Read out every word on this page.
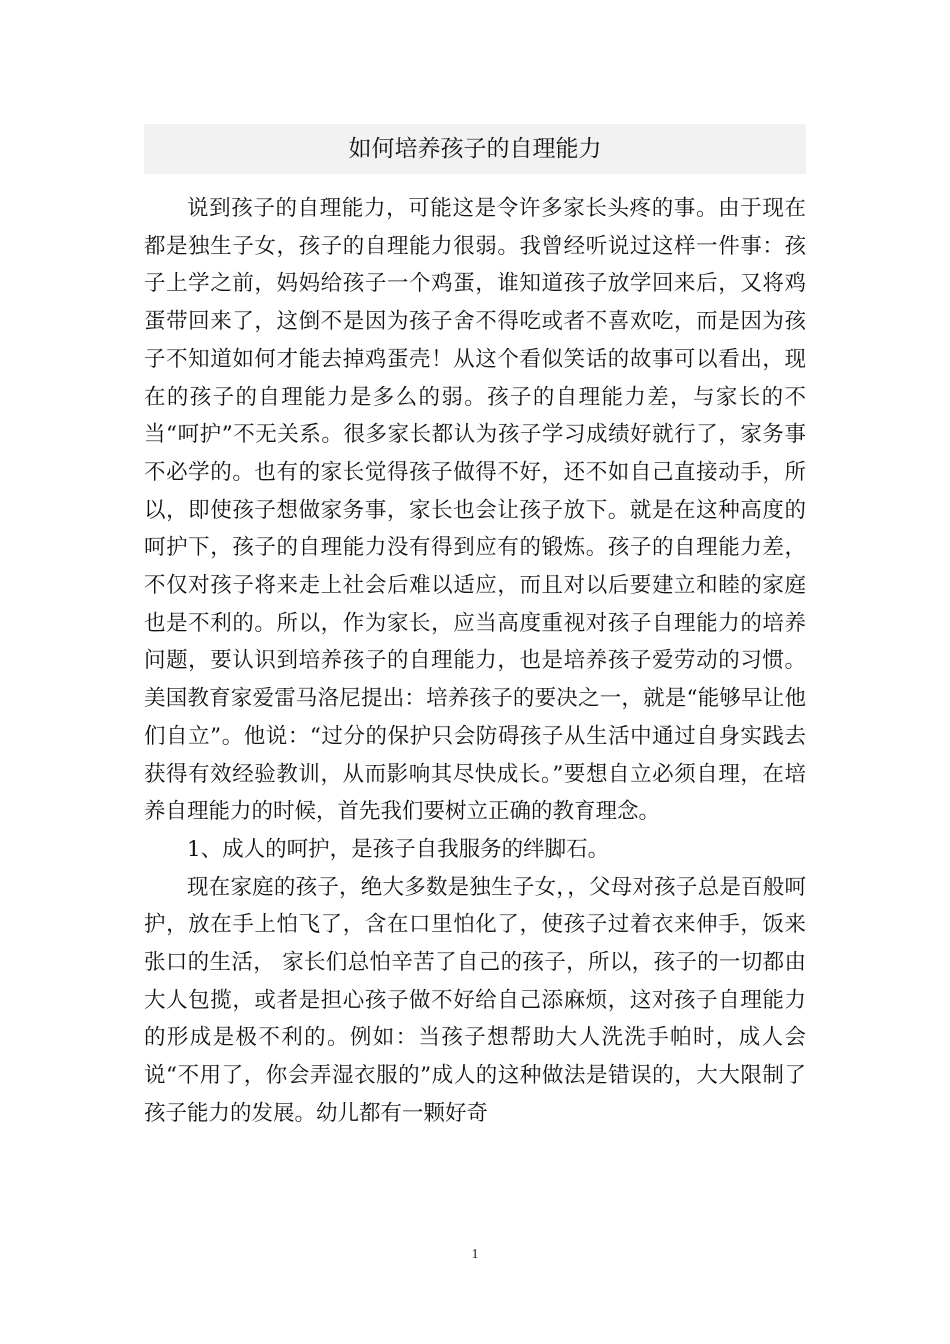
如何培养孩子的自理能力

说到孩子的自理能力，可能这是令许多家长头疼的事。由于现在都是独生子女，孩子的自理能力很弱。我曾经听说过这样一件事：孩子上学之前，妈妈给孩子一个鸡蛋，谁知道孩子放学回来后，又将鸡蛋带回来了，这倒不是因为孩子舍不得吃或者不喜欢吃，而是因为孩子不知道如何才能去掉鸡蛋壳！从这个看似笑话的故事可以看出，现在的孩子的自理能力是多么的弱。孩子的自理能力差，与家长的不当“呵护”不无关系。很多家长都认为孩子学习成绩好就行了，家务事不必学的。也有的家长觉得孩子做得不好，还不如自己直接动手，所以，即使孩子想做家务事，家长也会让孩子放下。就是在这种高度的呵护下，孩子的自理能力没有得到应有的锻炼。孩子的自理能力差，不仅对孩子将来走上社会后难以适应，而且对以后要建立和睦的家庭也是不利的。所以，作为家长，应当高度重视对孩子自理能力的培养问题，要认识到培养孩子的自理能力，也是培养孩子爱劳动的习惯。美国教育家爱雷马洛尼提出：培养孩子的要决之一，就是“能够早让他们自立”。他说：“过分的保护只会防碍孩子从生活中通过自身实践去获得有效经验教训，从而影响其尽快成长。”要想自立必须自理，在培养自理能力的时候，首先我们要树立正确的教育理念。

1、成人的呵护，是孩子自我服务的绊脚石。

现在家庭的孩子，绝大多数是独生子女，，父母对孩子总是百般呵护，放在手上怕飞了，含在口里怕化了，使孩子过着衣来伸手，饭来张口的生活， 家长们总怕辛苦了自己的孩子，所以，孩子的一切都由大人包揽，或者是担心孩子做不好给自己添麻烦，这对孩子自理能力的形成是极不利的。例如：当孩子想帮助大人洗洗手帕时，成人会说“不用了，你会弄湿衣服的”成人的这种做法是错误的，大大限制了孩子能力的发展。幼儿都有一颗好奇

1
